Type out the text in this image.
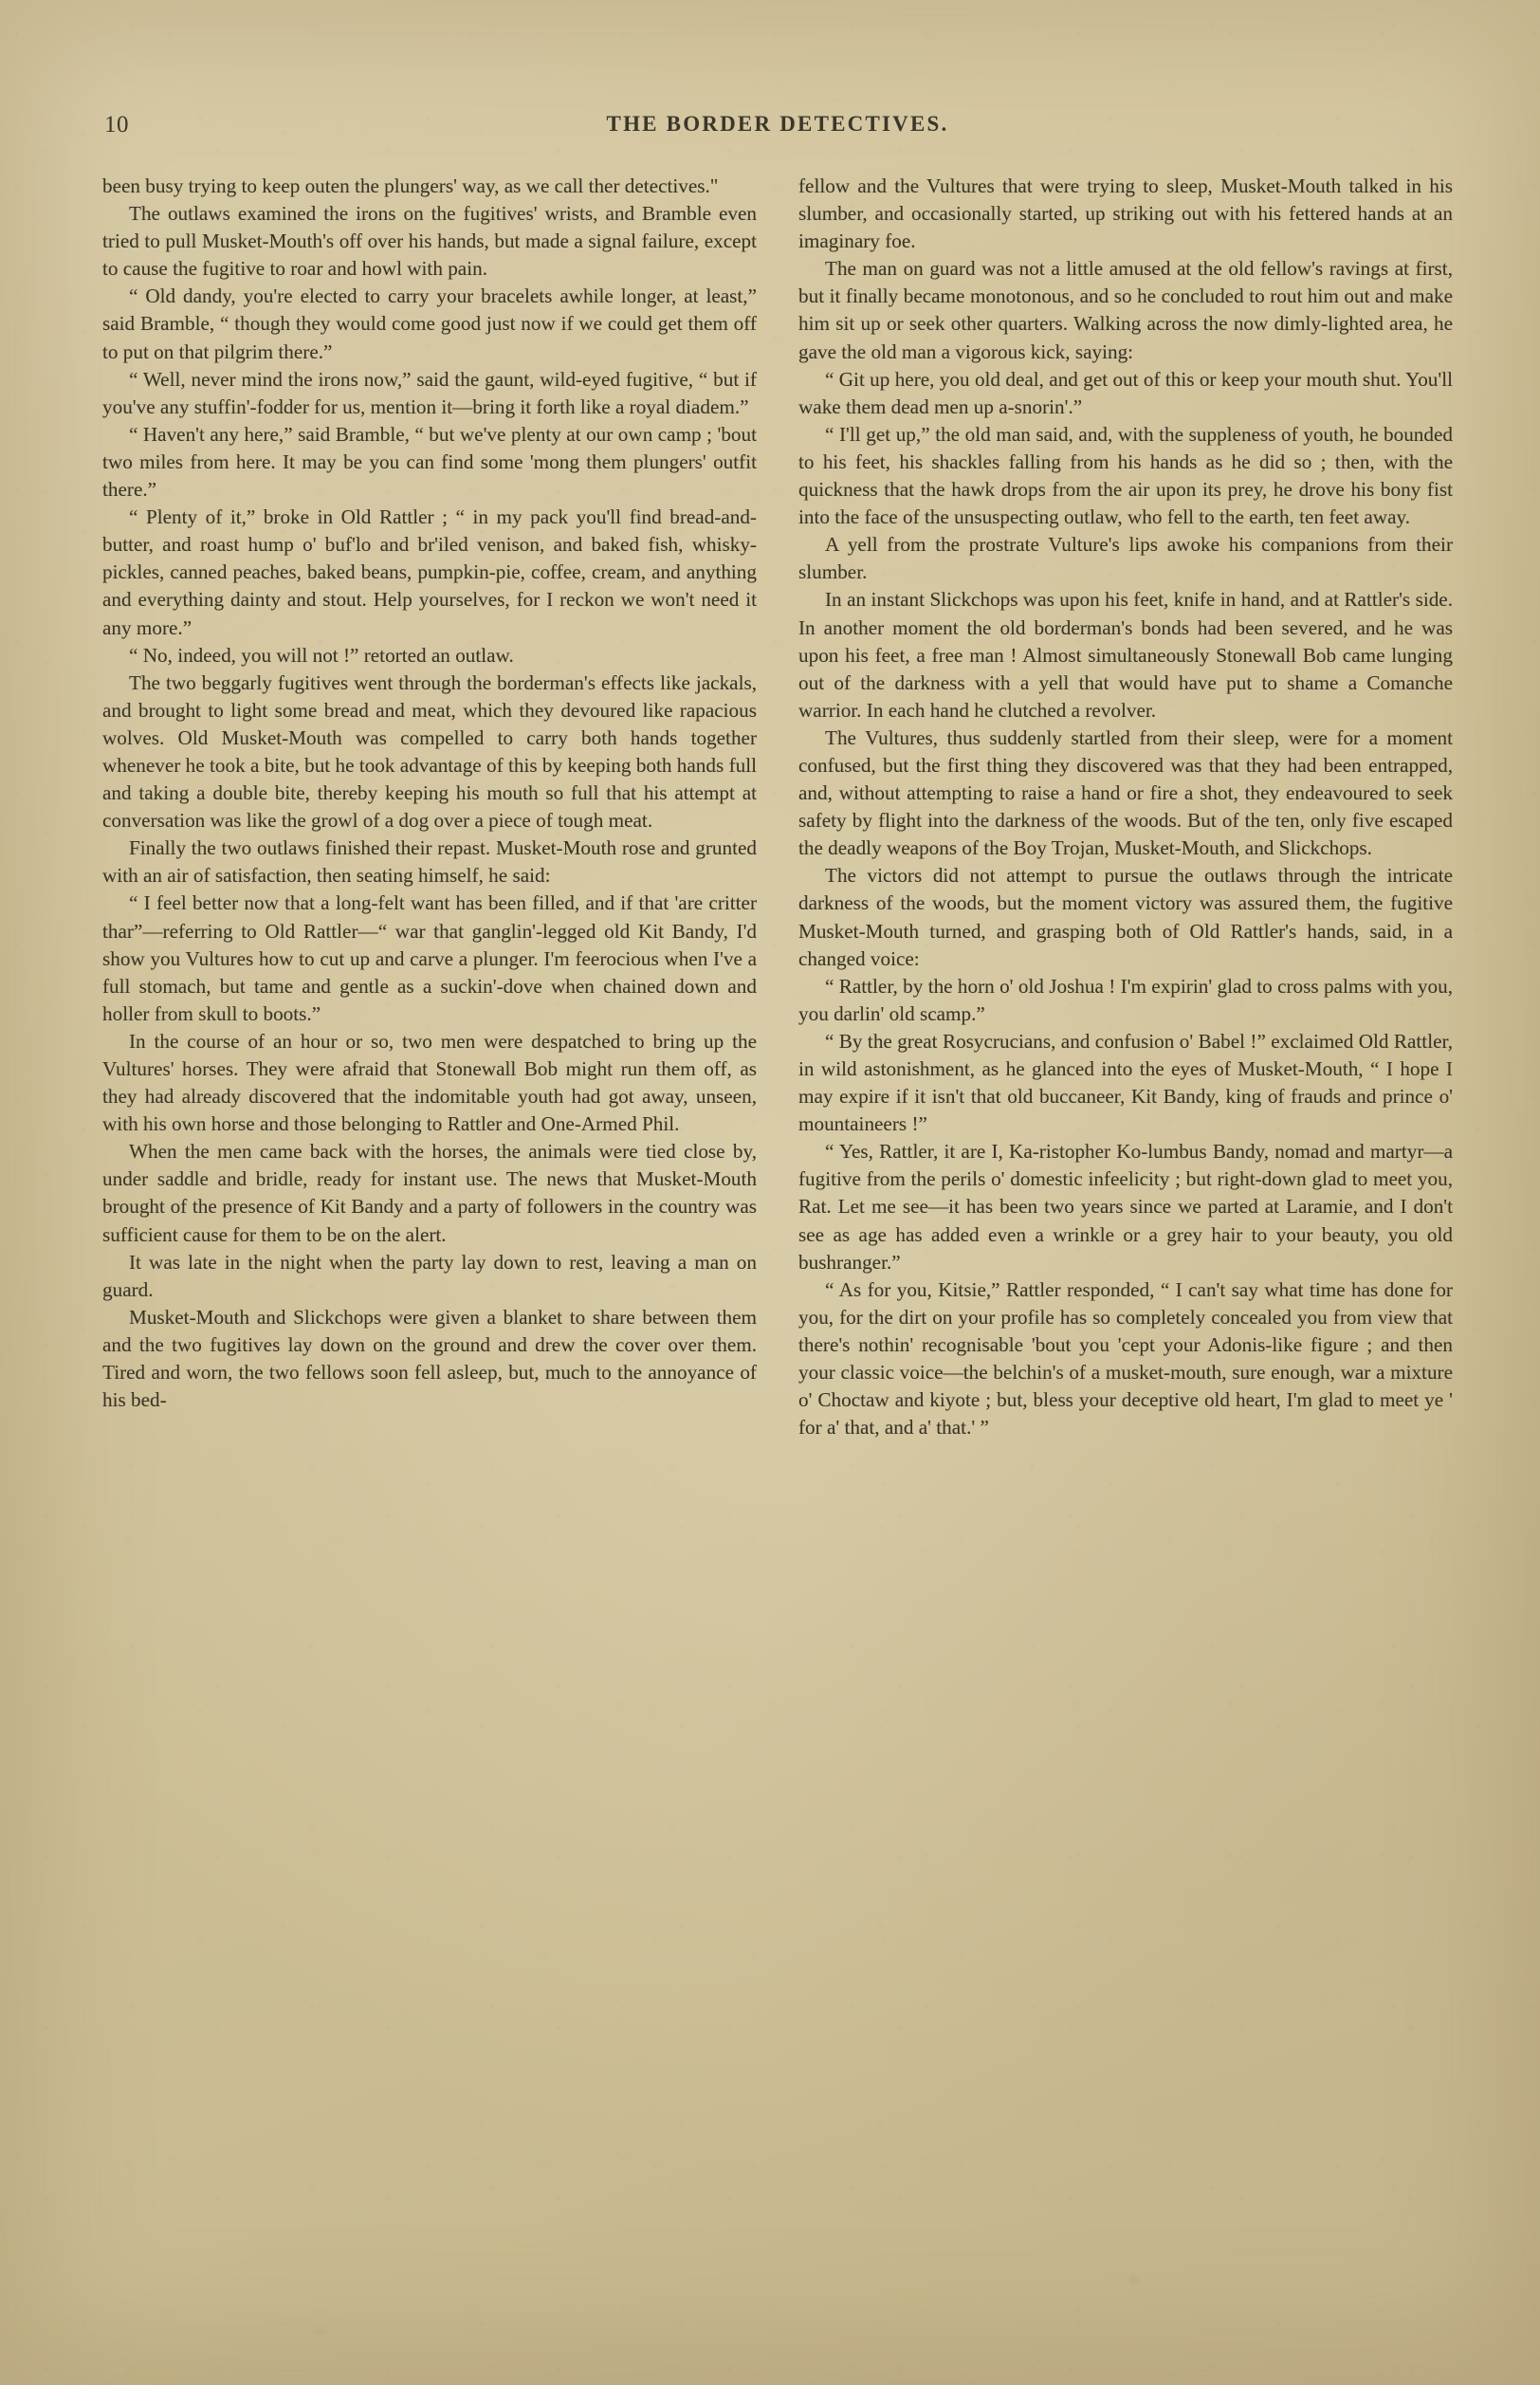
10	THE BORDER DETECTIVES.

been busy trying to keep outen the plungers' way, as we call ther detectives."

The outlaws examined the irons on the fugitives' wrists, and Bramble even tried to pull Musket-Mouth's off over his hands, but made a signal failure, except to cause the fugitive to roar and howl with pain.

“ Old dandy, you're elected to carry your bracelets awhile longer, at least,” said Bramble, “ though they would come good just now if we could get them off to put on that pilgrim there.”

“ Well, never mind the irons now,” said the gaunt, wild-eyed fugitive, “ but if you've any stuffin'-fodder for us, mention it—bring it forth like a royal diadem.”

“ Haven't any here,” said Bramble, “ but we've plenty at our own camp ; 'bout two miles from here. It may be you can find some 'mong them plungers' outfit there.”

“ Plenty of it,” broke in Old Rattler ; “ in my pack you'll find bread-and-butter, and roast hump o' buf'lo and br'iled venison, and baked fish, whisky-pickles, canned peaches, baked beans, pumpkin-pie, coffee, cream, and anything and everything dainty and stout. Help yourselves, for I reckon we won't need it any more.”

“ No, indeed, you will not !” retorted an outlaw.

The two beggarly fugitives went through the borderman's effects like jackals, and brought to light some bread and meat, which they devoured like rapacious wolves. Old Musket-Mouth was compelled to carry both hands together whenever he took a bite, but he took advantage of this by keeping both hands full and taking a double bite, thereby keeping his mouth so full that his attempt at conversation was like the growl of a dog over a piece of tough meat.

Finally the two outlaws finished their repast. Musket-Mouth rose and grunted with an air of satisfaction, then seating himself, he said:

“ I feel better now that a long-felt want has been filled, and if that 'are critter thar”—referring to Old Rattler—“ war that ganglin'-legged old Kit Bandy, I'd show you Vultures how to cut up and carve a plunger. I'm feerocious when I've a full stomach, but tame and gentle as a suckin'-dove when chained down and holler from skull to boots.”

In the course of an hour or so, two men were despatched to bring up the Vultures' horses. They were afraid that Stonewall Bob might run them off, as they had already discovered that the indomitable youth had got away, unseen, with his own horse and those belonging to Rattler and One-Armed Phil.

When the men came back with the horses, the animals were tied close by, under saddle and bridle, ready for instant use. The news that Musket-Mouth brought of the presence of Kit Bandy and a party of followers in the country was sufficient cause for them to be on the alert.

It was late in the night when the party lay down to rest, leaving a man on guard.

Musket-Mouth and Slickchops were given a blanket to share between them and the two fugitives lay down on the ground and drew the cover over them. Tired and worn, the two fellows soon fell asleep, but, much to the annoyance of his bed-

fellow and the Vultures that were trying to sleep, Musket-Mouth talked in his slumber, and occasionally started, up striking out with his fettered hands at an imaginary foe.

The man on guard was not a little amused at the old fellow's ravings at first, but it finally became monotonous, and so he concluded to rout him out and make him sit up or seek other quarters. Walking across the now dimly-lighted area, he gave the old man a vigorous kick, saying:

“ Git up here, you old deal, and get out of this or keep your mouth shut. You'll wake them dead men up a-snorin'.”

“ I'll get up,” the old man said, and, with the suppleness of youth, he bounded to his feet, his shackles falling from his hands as he did so ; then, with the quickness that the hawk drops from the air upon its prey, he drove his bony fist into the face of the unsuspecting outlaw, who fell to the earth, ten feet away.

A yell from the prostrate Vulture's lips awoke his companions from their slumber.

In an instant Slickchops was upon his feet, knife in hand, and at Rattler's side. In another moment the old borderman's bonds had been severed, and he was upon his feet, a free man ! Almost simultaneously Stonewall Bob came lunging out of the darkness with a yell that would have put to shame a Comanche warrior. In each hand he clutched a revolver.

The Vultures, thus suddenly startled from their sleep, were for a moment confused, but the first thing they discovered was that they had been entrapped, and, without attempting to raise a hand or fire a shot, they endeavoured to seek safety by flight into the darkness of the woods. But of the ten, only five escaped the deadly weapons of the Boy Trojan, Musket-Mouth, and Slickchops.

The victors did not attempt to pursue the outlaws through the intricate darkness of the woods, but the moment victory was assured them, the fugitive Musket-Mouth turned, and grasping both of Old Rattler's hands, said, in a changed voice:

“ Rattler, by the horn o' old Joshua ! I'm expirin' glad to cross palms with you, you darlin' old scamp.”

“ By the great Rosycrucians, and confusion o' Babel !” exclaimed Old Rattler, in wild astonishment, as he glanced into the eyes of Musket-Mouth, “ I hope I may expire if it isn't that old buccaneer, Kit Bandy, king of frauds and prince o' mountaineers !”

“ Yes, Rattler, it are I, Ka-ristopher Ko-lumbus Bandy, nomad and martyr—a fugitive from the perils o' domestic infeelicity ; but right-down glad to meet you, Rat. Let me see—it has been two years since we parted at Laramie, and I don't see as age has added even a wrinkle or a grey hair to your beauty, you old bushranger.”

“ As for you, Kitsie,” Rattler responded, “ I can't say what time has done for you, for the dirt on your profile has so completely concealed you from view that there's nothin' recognisable 'bout you 'cept your Adonis-like figure ; and then your classic voice—the belchin's of a musket-mouth, sure enough, war a mixture o' Choctaw and kiyote ; but, bless your deceptive old heart, I'm glad to meet ye ' for a' that, and a' that.' ”
